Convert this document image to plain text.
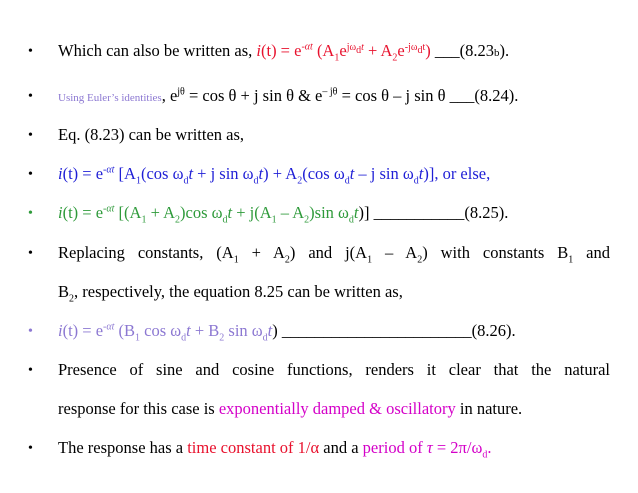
• Which can also be written as, $i(t) = e^{-\alpha t}$ $(A_1e^{j\omega_dt} + A_2e^{-j\omega_dt})$ ___(8.23b).
• Using Euler’s identities, $e^{j\theta} = \cos \theta + j$ sin θ & $e^{- j\theta} = \cos \theta - j$ sin θ ___(8.24).
• Eq. (8.23) can be written as,
• $i(t) = e^{-\alpha t}$ [$A_1(\cos$ $\omega_dt + j$ $\sin \omega_dt) + A_2(\cos$ $\omega_dt$ – j $\sin \omega_dt$)], or else,
• $i(t) = e^{-\alpha t}$ [$(A_1 + A_2)\cos$ $\omega_dt + j(A_1 - A_2)\sin$ $\omega_dt$)] ___________(8.25).
• Replacing constants, $(A_1 + A_2)$ and $j(A_1 - A_2)$ with constants $B_1$ and
$B_2$, respectively, the equation 8.25 can be written as,
• $i(t) = e^{-\alpha t}$ ($B_1$ $\cos \omega_dt + B_2$ $\sin \omega_dt$) _______________________(8.26).
• Presence of sine and cosine functions, renders it clear that the natural
response for this case is exponentially damped & oscillatory in nature.
• The response has a time constant of 1/α and a period of $\tau = 2\pi/\omega_d$.
